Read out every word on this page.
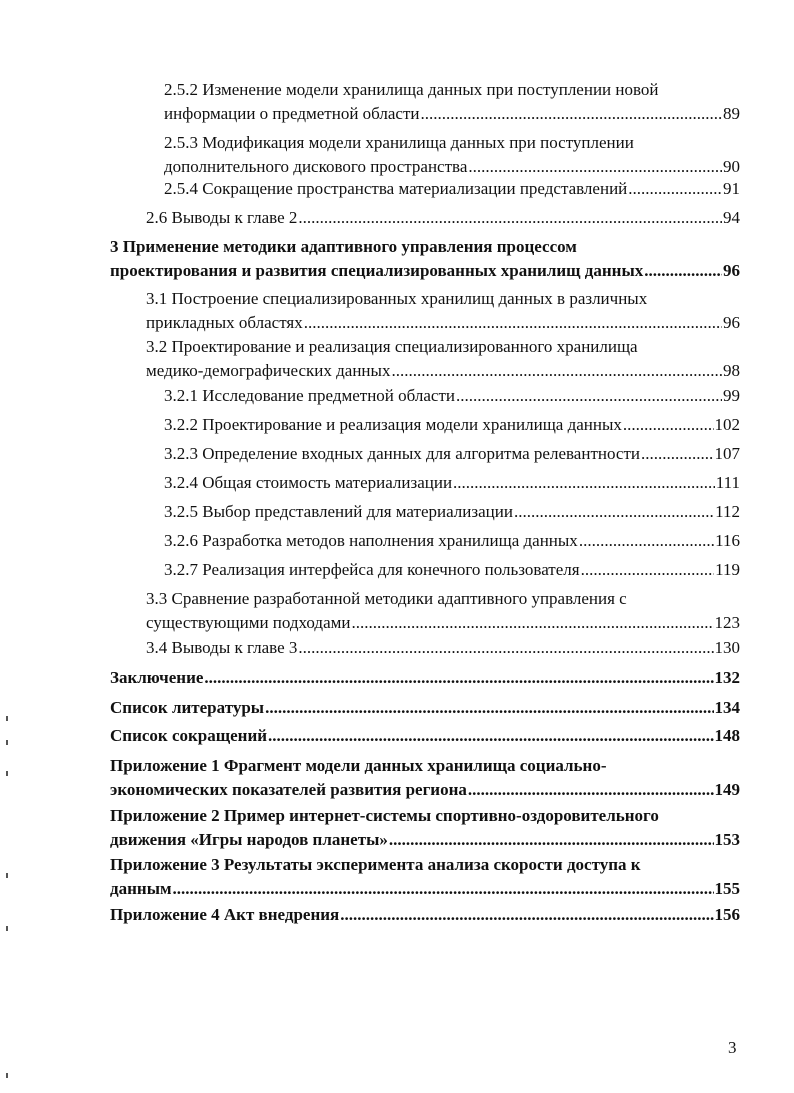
2.5.2 Изменение модели хранилища данных при поступлении новой
информации о предметной области .....	89
2.5.3 Модификация модели хранилища данных при поступлении
дополнительного дискового пространства .....	90
2.5.4 Сокращение пространства материализации представлений .....	91
2.6 Выводы к главе 2 .....	94
3 Применение методики адаптивного управления процессом
проектирования и развития специализированных хранилищ данных .....	96
3.1 Построение специализированных хранилищ данных в различных
прикладных областях .....	96
3.2 Проектирование и реализация специализированного хранилища
медико-демографических данных .....	98
3.2.1 Исследование предметной области .....	99
3.2.2 Проектирование и реализация модели хранилища данных .....	102
3.2.3 Определение входных данных для алгоритма релевантности .....	107
3.2.4 Общая стоимость материализации .....	111
3.2.5 Выбор представлений для материализации .....	112
3.2.6 Разработка методов наполнения хранилища данных .....	116
3.2.7 Реализация интерфейса для конечного пользователя .....	119
3.3 Сравнение разработанной методики адаптивного управления с
существующими подходами .....	123
3.4 Выводы к главе 3 .....	130
Заключение .....	132
Список литературы .....	134
Список сокращений .....	148
Приложение 1 Фрагмент модели данных хранилища социально-
экономических показателей развития региона .....	149
Приложение 2 Пример интернет-системы спортивно-оздоровительного
движения «Игры народов планеты» .....	153
Приложение 3 Результаты эксперимента анализа скорости доступа к
данным .....	155
Приложение 4 Акт внедрения .....	156
3
